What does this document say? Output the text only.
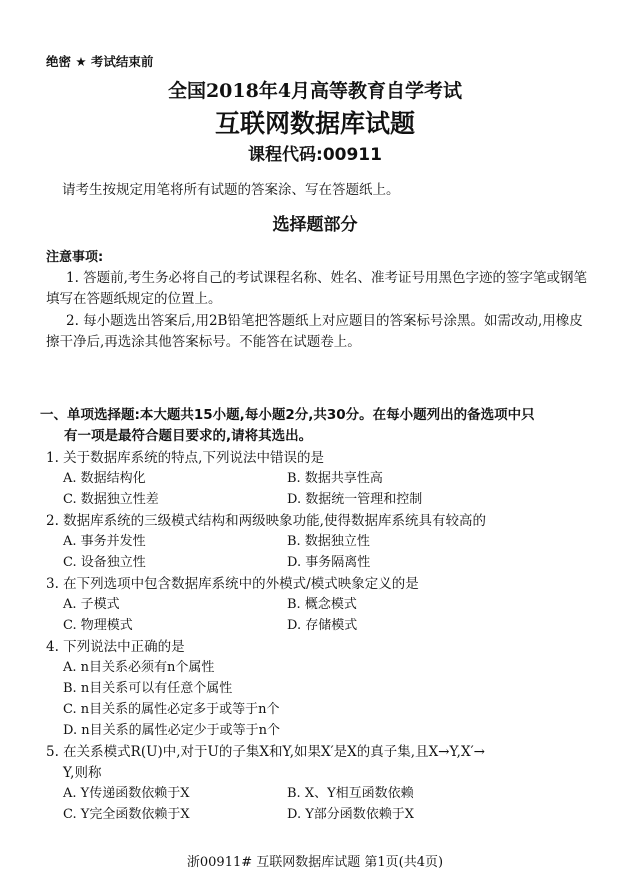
绝密 ★ 考试结束前
全国2018年4月高等教育自学考试
互联网数据库试题
课程代码:00911
请考生按规定用笔将所有试题的答案涂、写在答题纸上。
选择题部分
注意事项:
1. 答题前,考生务必将自己的考试课程名称、姓名、准考证号用黑色字迹的签字笔或钢笔填写在答题纸规定的位置上。
2. 每小题选出答案后,用2B铅笔把答题纸上对应题目的答案标号涂黑。如需改动,用橡皮擦干净后,再选涂其他答案标号。不能答在试题卷上。
一、单项选择题:本大题共15小题,每小题2分,共30分。在每小题列出的备选项中只
有一项是最符合题目要求的,请将其选出。
1. 关于数据库系统的特点,下列说法中错误的是
A. 数据结构化	B. 数据共享性高
C. 数据独立性差	D. 数据统一管理和控制
2. 数据库系统的三级模式结构和两级映象功能,使得数据库系统具有较高的
A. 事务并发性	B. 数据独立性
C. 设备独立性	D. 事务隔离性
3. 在下列选项中包含数据库系统中的外模式/模式映象定义的是
A. 子模式	B. 概念模式
C. 物理模式	D. 存储模式
4. 下列说法中正确的是
A. n目关系必须有n个属性
B. n目关系可以有任意个属性
C. n目关系的属性必定多于或等于n个
D. n目关系的属性必定少于或等于n个
5. 在关系模式R(U)中,对于U的子集X和Y,如果X′是X的真子集,且X→Y,X′→
Y,则称
A. Y传递函数依赖于X	B. X、Y相互函数依赖
C. Y完全函数依赖于X	D. Y部分函数依赖于X
浙00911# 互联网数据库试题 第1页(共4页)
